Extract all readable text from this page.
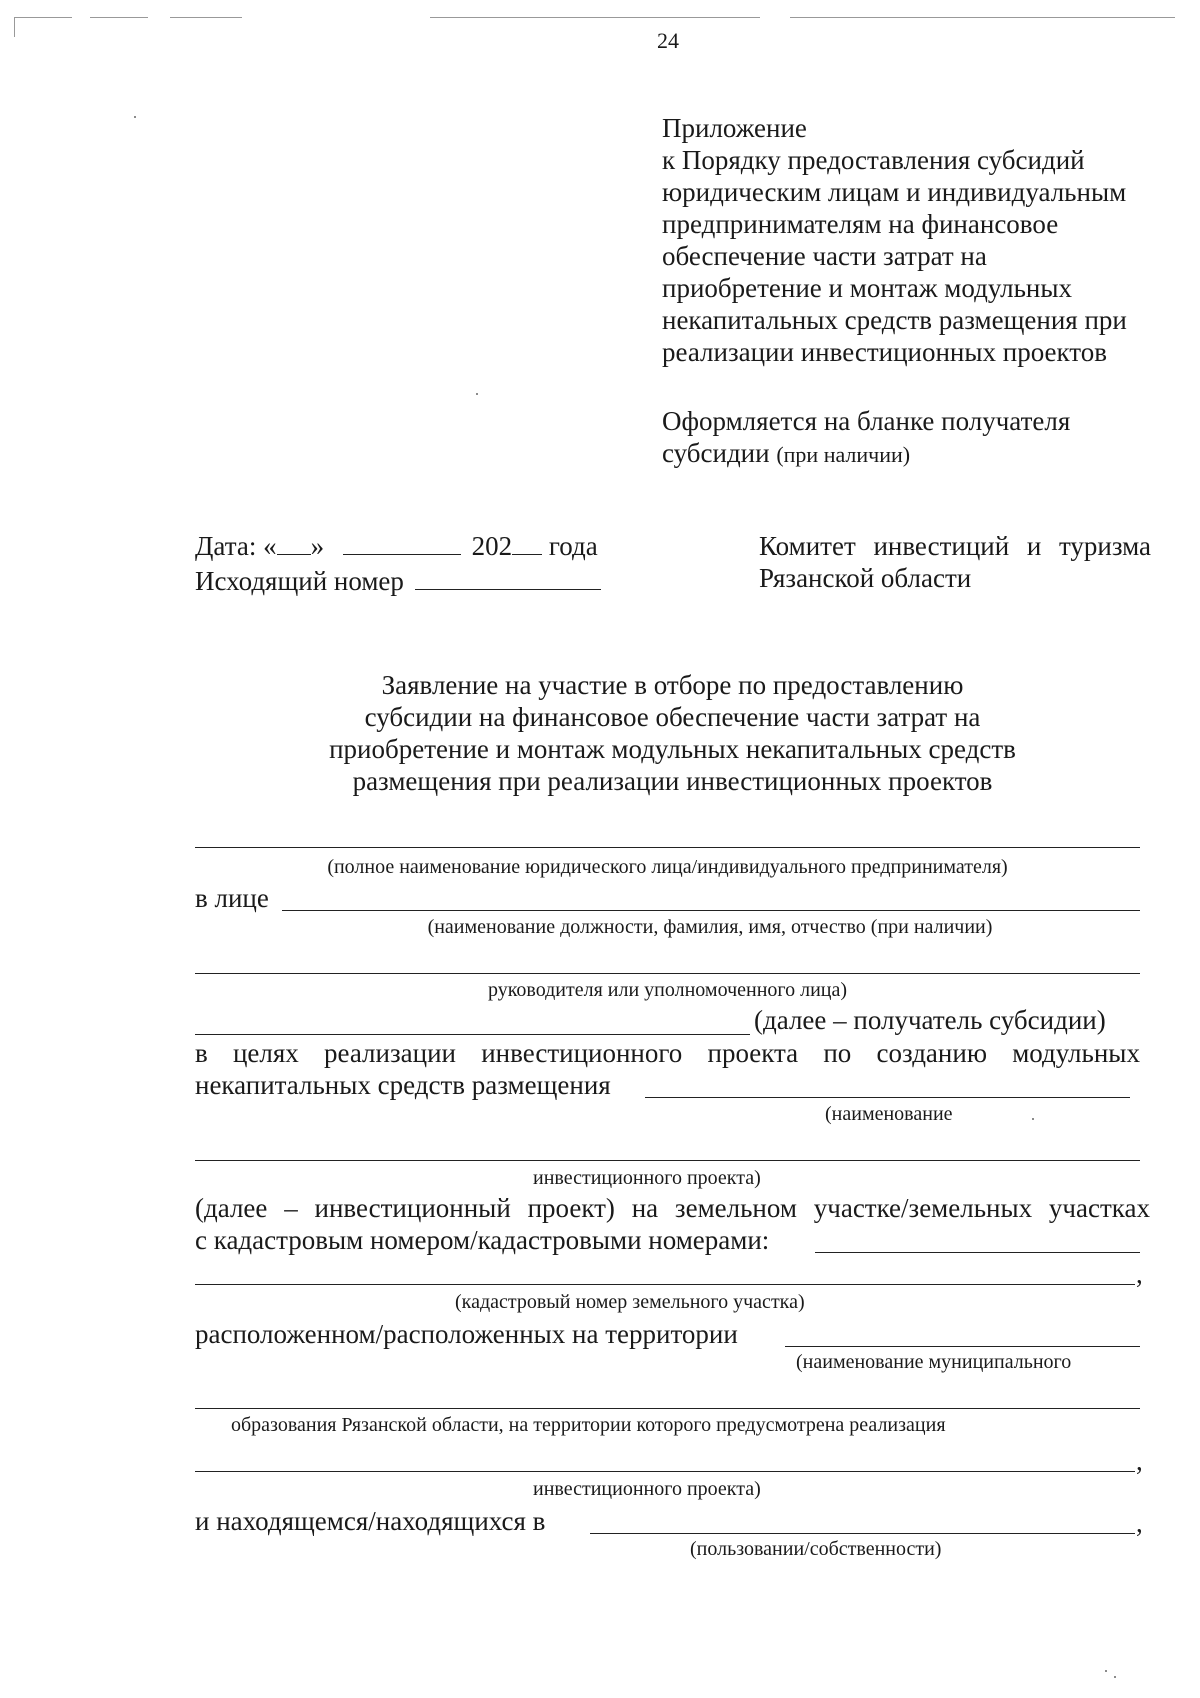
24
Приложение
к Порядку предоставления субсидий
юридическим лицам и индивидуальным
предпринимателям на финансовое
обеспечение части затрат на
приобретение и монтаж модульных
некапитальных средств размещения при
реализации инвестиционных проектов
Оформляется на бланке получателя
субсидии (при наличии)
Дата: « »	202 года
Исходящий номер
Комитет инвестиций и туризма
Рязанской области
Заявление на участие в отборе по предоставлению
субсидии на финансовое обеспечение части затрат на
приобретение и монтаж модульных некапитальных средств
размещения при реализации инвестиционных проектов
(полное наименование юридического лица/индивидуального предпринимателя)
в лице
(наименование должности, фамилия, имя, отчество (при наличии)
руководителя или уполномоченного лица)
(далее – получатель субсидии)
в целях реализации инвестиционного проекта по созданию модульных
некапитальных средств размещения
(наименование
инвестиционного проекта)
(далее – инвестиционный проект) на земельном участке/земельных участках
с кадастровым номером/кадастровыми номерами:
,
(кадастровый номер земельного участка)
расположенном/расположенных на территории
(наименование муниципального
образования Рязанской области, на территории которого предусмотрена реализация
,
инвестиционного проекта)
и находящемся/находящихся в	,
(пользовании/собственности)
